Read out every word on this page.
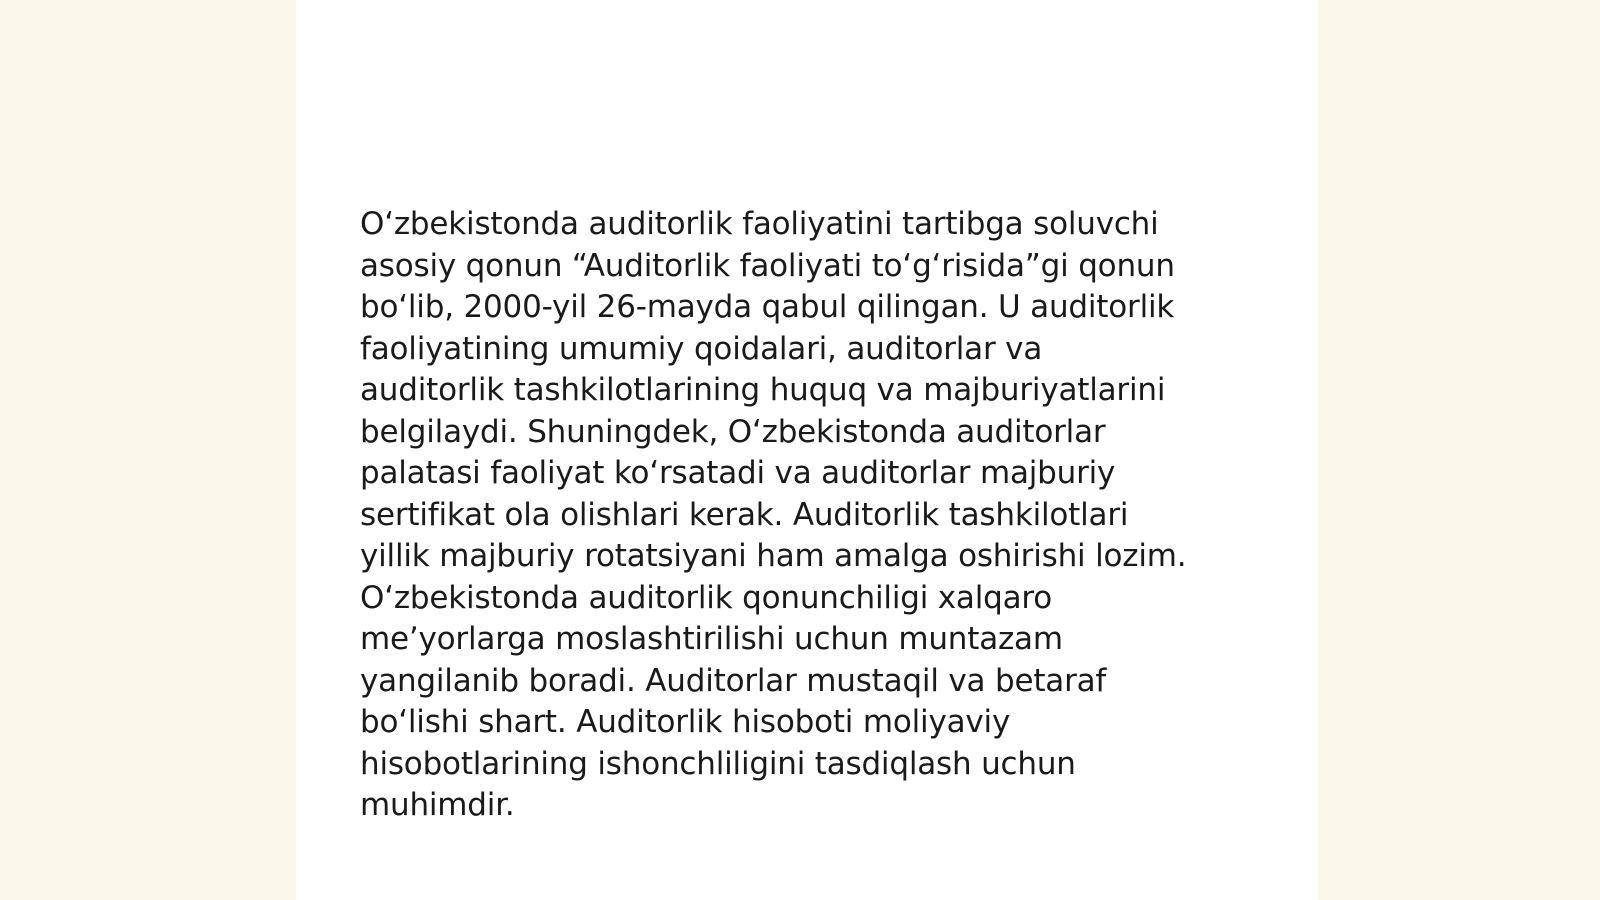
O‘zbekistonda auditorlik faoliyatini tartibga soluvchi
asosiy qonun “Auditorlik faoliyati to‘g‘risida”gi qonun
bo‘lib, 2000-yil 26-mayda qabul qilingan. U auditorlik
faoliyatining umumiy qoidalari, auditorlar va
auditorlik tashkilotlarining huquq va majburiyatlarini
belgilaydi. Shuningdek, O‘zbekistonda auditorlar
palatasi faoliyat ko‘rsatadi va auditorlar majburiy
sertifikat ola olishlari kerak. Auditorlik tashkilotlari
yillik majburiy rotatsiyani ham amalga oshirishi lozim.
O‘zbekistonda auditorlik qonunchiligi xalqaro
me’yorlarga moslashtirilishi uchun muntazam
yangilanib boradi. Auditorlar mustaqil va betaraf
bo‘lishi shart. Auditorlik hisoboti moliyaviy
hisobotlarining ishonchliligini tasdiqlash uchun
muhimdir.
